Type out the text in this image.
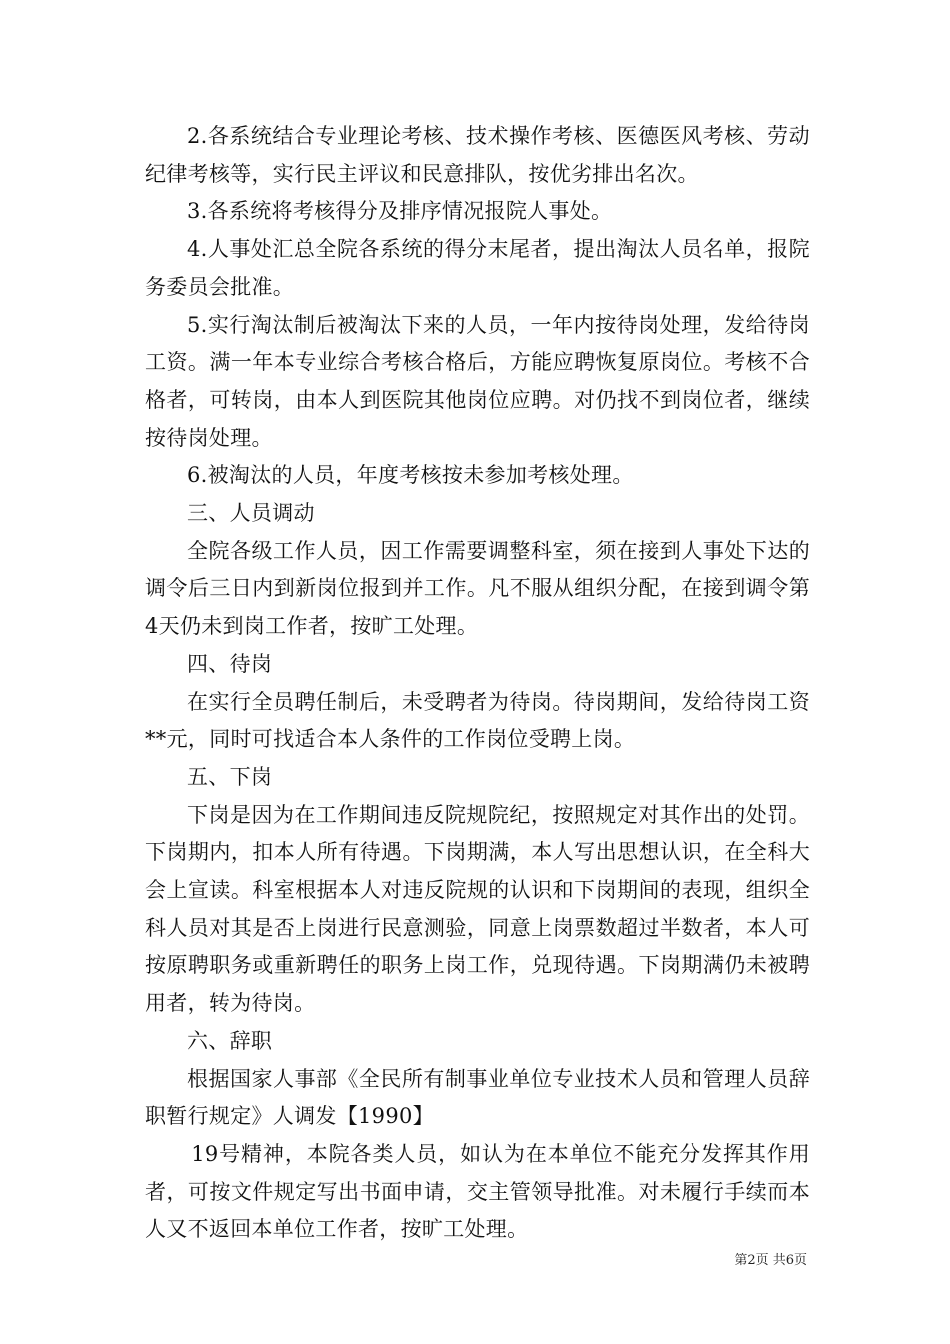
2.各系统结合专业理论考核、技术操作考核、医德医风考核、劳动纪律考核等，实行民主评议和民意排队，按优劣排出名次。

3.各系统将考核得分及排序情况报院人事处。

4.人事处汇总全院各系统的得分末尾者，提出淘汰人员名单，报院务委员会批准。

5.实行淘汰制后被淘汰下来的人员，一年内按待岗处理，发给待岗工资。满一年本专业综合考核合格后，方能应聘恢复原岗位。考核不合格者，可转岗，由本人到医院其他岗位应聘。对仍找不到岗位者，继续按待岗处理。

6.被淘汰的人员，年度考核按未参加考核处理。

三、人员调动

全院各级工作人员，因工作需要调整科室，须在接到人事处下达的调令后三日内到新岗位报到并工作。凡不服从组织分配，在接到调令第4天仍未到岗工作者，按旷工处理。

四、待岗

在实行全员聘任制后，未受聘者为待岗。待岗期间，发给待岗工资**元，同时可找适合本人条件的工作岗位受聘上岗。

五、下岗

下岗是因为在工作期间违反院规院纪，按照规定对其作出的处罚。下岗期内，扣本人所有待遇。下岗期满，本人写出思想认识，在全科大会上宣读。科室根据本人对违反院规的认识和下岗期间的表现，组织全科人员对其是否上岗进行民意测验，同意上岗票数超过半数者，本人可按原聘职务或重新聘任的职务上岗工作，兑现待遇。下岗期满仍未被聘用者，转为待岗。

六、辞职

根据国家人事部《全民所有制事业单位专业技术人员和管理人员辞职暂行规定》人调发【1990】

19号精神，本院各类人员，如认为在本单位不能充分发挥其作用者，可按文件规定写出书面申请，交主管领导批准。对未履行手续而本人又不返回本单位工作者，按旷工处理。

第2页 共6页
